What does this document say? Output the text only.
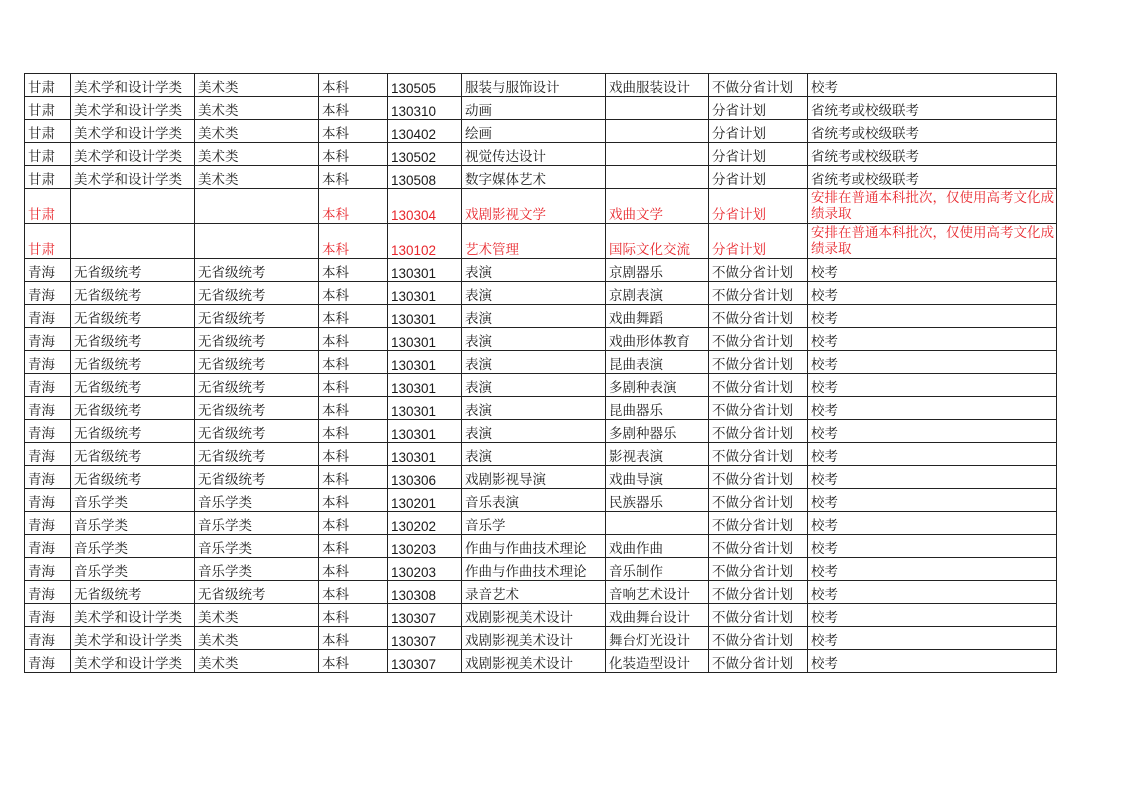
甘肃	美术学和设计学类	美术类	本科	130505	服装与服饰设计	戏曲服装设计	不做分省计划	校考
甘肃	美术学和设计学类	美术类	本科	130310	动画		分省计划	省统考或校级联考
甘肃	美术学和设计学类	美术类	本科	130402	绘画		分省计划	省统考或校级联考
甘肃	美术学和设计学类	美术类	本科	130502	视觉传达设计		分省计划	省统考或校级联考
甘肃	美术学和设计学类	美术类	本科	130508	数字媒体艺术		分省计划	省统考或校级联考
甘肃			本科	130304	戏剧影视文学	戏曲文学	分省计划	安排在普通本科批次，仅使用高考文化成绩录取
甘肃			本科	130102	艺术管理	国际文化交流	分省计划	安排在普通本科批次，仅使用高考文化成绩录取
青海	无省级统考	无省级统考	本科	130301	表演	京剧器乐	不做分省计划	校考
青海	无省级统考	无省级统考	本科	130301	表演	京剧表演	不做分省计划	校考
青海	无省级统考	无省级统考	本科	130301	表演	戏曲舞蹈	不做分省计划	校考
青海	无省级统考	无省级统考	本科	130301	表演	戏曲形体教育	不做分省计划	校考
青海	无省级统考	无省级统考	本科	130301	表演	昆曲表演	不做分省计划	校考
青海	无省级统考	无省级统考	本科	130301	表演	多剧种表演	不做分省计划	校考
青海	无省级统考	无省级统考	本科	130301	表演	昆曲器乐	不做分省计划	校考
青海	无省级统考	无省级统考	本科	130301	表演	多剧种器乐	不做分省计划	校考
青海	无省级统考	无省级统考	本科	130301	表演	影视表演	不做分省计划	校考
青海	无省级统考	无省级统考	本科	130306	戏剧影视导演	戏曲导演	不做分省计划	校考
青海	音乐学类	音乐学类	本科	130201	音乐表演	民族器乐	不做分省计划	校考
青海	音乐学类	音乐学类	本科	130202	音乐学		不做分省计划	校考
青海	音乐学类	音乐学类	本科	130203	作曲与作曲技术理论	戏曲作曲	不做分省计划	校考
青海	音乐学类	音乐学类	本科	130203	作曲与作曲技术理论	音乐制作	不做分省计划	校考
青海	无省级统考	无省级统考	本科	130308	录音艺术	音响艺术设计	不做分省计划	校考
青海	美术学和设计学类	美术类	本科	130307	戏剧影视美术设计	戏曲舞台设计	不做分省计划	校考
青海	美术学和设计学类	美术类	本科	130307	戏剧影视美术设计	舞台灯光设计	不做分省计划	校考
青海	美术学和设计学类	美术类	本科	130307	戏剧影视美术设计	化装造型设计	不做分省计划	校考
